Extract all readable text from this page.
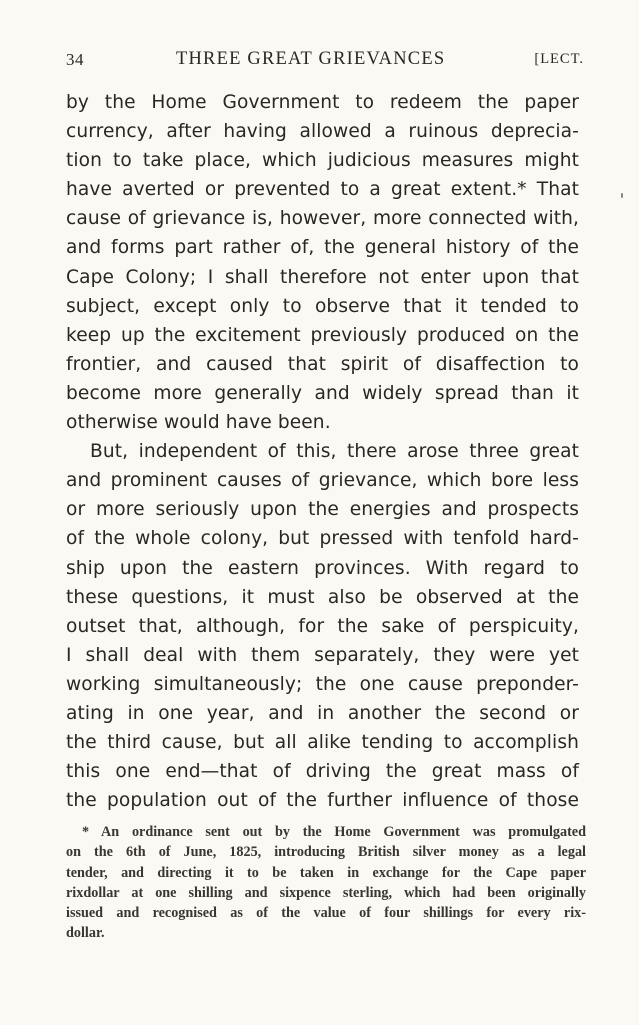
34	THREE GREAT GRIEVANCES	[LECT.
by the Home Government to redeem the paper
currency, after having allowed a ruinous deprecia-
tion to take place, which judicious measures might
have averted or prevented to a great extent.* That
cause of grievance is, however, more connected with,
and forms part rather of, the general history of the
Cape Colony; I shall therefore not enter upon that
subject, except only to observe that it tended to
keep up the excitement previously produced on the
frontier, and caused that spirit of disaffection to
become more generally and widely spread than it
otherwise would have been.
But, independent of this, there arose three great
and prominent causes of grievance, which bore less
or more seriously upon the energies and prospects
of the whole colony, but pressed with tenfold hard-
ship upon the eastern provinces. With regard to
these questions, it must also be observed at the
outset that, although, for the sake of perspicuity,
I shall deal with them separately, they were yet
working simultaneously; the one cause preponder-
ating in one year, and in another the second or
the third cause, but all alike tending to accomplish
this one end—that of driving the great mass of
the population out of the further influence of those
* An ordinance sent out by the Home Government was promulgated
on the 6th of June, 1825, introducing British silver money as a legal
tender, and directing it to be taken in exchange for the Cape paper
rixdollar at one shilling and sixpence sterling, which had been originally
issued and recognised as of the value of four shillings for every rix-
dollar.
